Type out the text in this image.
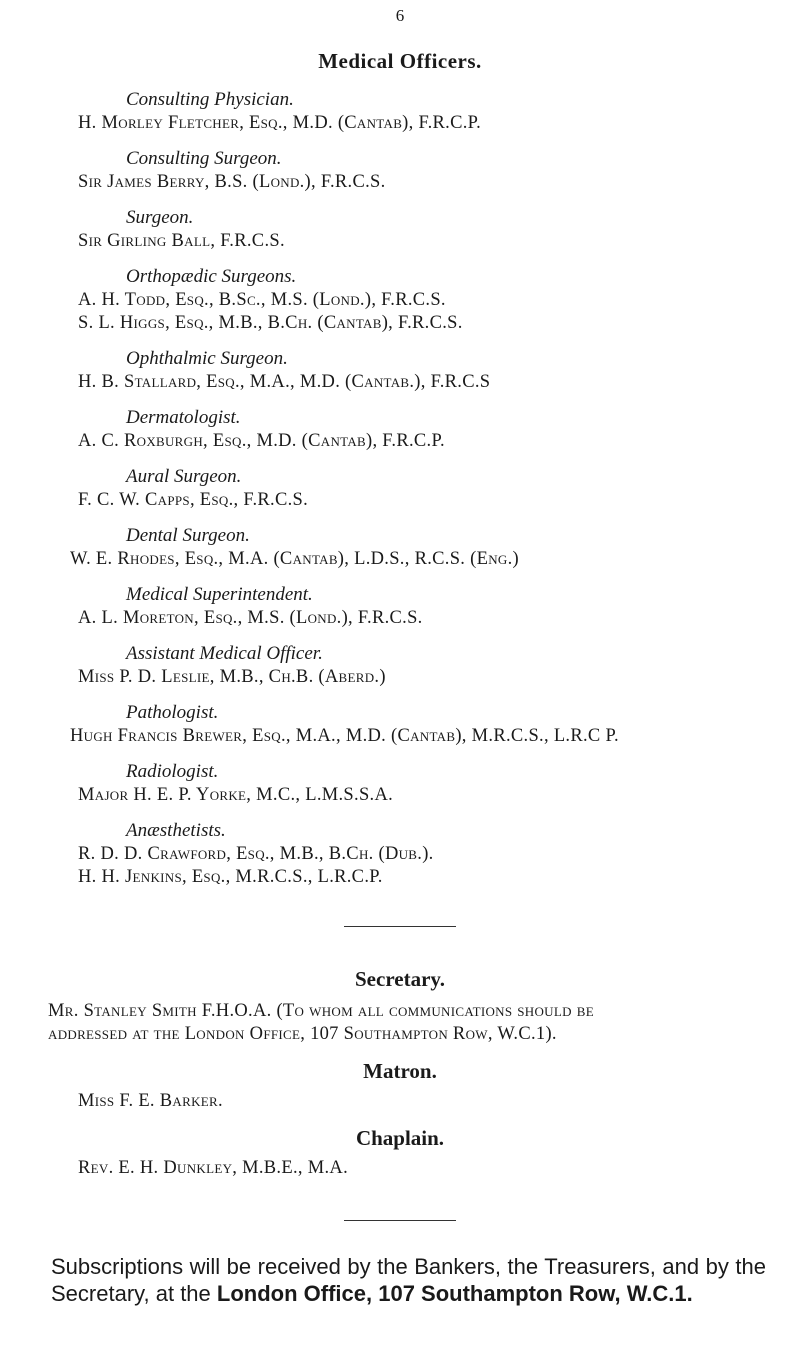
6
Medical Officers.
Consulting Physician.
H. Morley Fletcher, Esq., M.D. (Cantab), F.R.C.P.
Consulting Surgeon.
Sir James Berry, B.S. (Lond.), F.R.C.S.
Surgeon.
Sir Girling Ball, F.R.C.S.
Orthopædic Surgeons.
A. H. Todd, Esq., B.Sc., M.S. (Lond.), F.R.C.S.
S. L. Higgs, Esq., M.B., B.Ch. (Cantab), F.R.C.S.
Ophthalmic Surgeon.
H. B. Stallard, Esq., M.A., M.D. (Cantab.), F.R.C.S
Dermatologist.
A. C. Roxburgh, Esq., M.D. (Cantab), F.R.C.P.
Aural Surgeon.
F. C. W. Capps, Esq., F.R.C.S.
Dental Surgeon.
W. E. Rhodes, Esq., M.A. (Cantab), L.D.S., R.C.S. (Eng.)
Medical Superintendent.
A. L. Moreton, Esq., M.S. (Lond.), F.R.C.S.
Assistant Medical Officer.
Miss P. D. Leslie, M.B., Ch.B. (Aberd.)
Pathologist.
Hugh Francis Brewer, Esq., M.A., M.D. (Cantab), M.R.C.S., L.R.C P.
Radiologist.
Major H. E. P. Yorke, M.C., L.M.S.S.A.
Anæsthetists.
R. D. D. Crawford, Esq., M.B., B.Ch. (Dub.).
H. H. Jenkins, Esq., M.R.C.S., L.R.C.P.
Secretary.
Mr. Stanley Smith F.H.O.A. (To whom all communications should be
addressed at the London Office, 107 Southampton Row, W.C.1).
Matron.
Miss F. E. Barker.
Chaplain.
Rev. E. H. Dunkley, M.B.E., M.A.
Subscriptions will be received by the Bankers, the Treasurers, and by the Secretary, at the London Office, 107 Southampton Row, W.C.1.
